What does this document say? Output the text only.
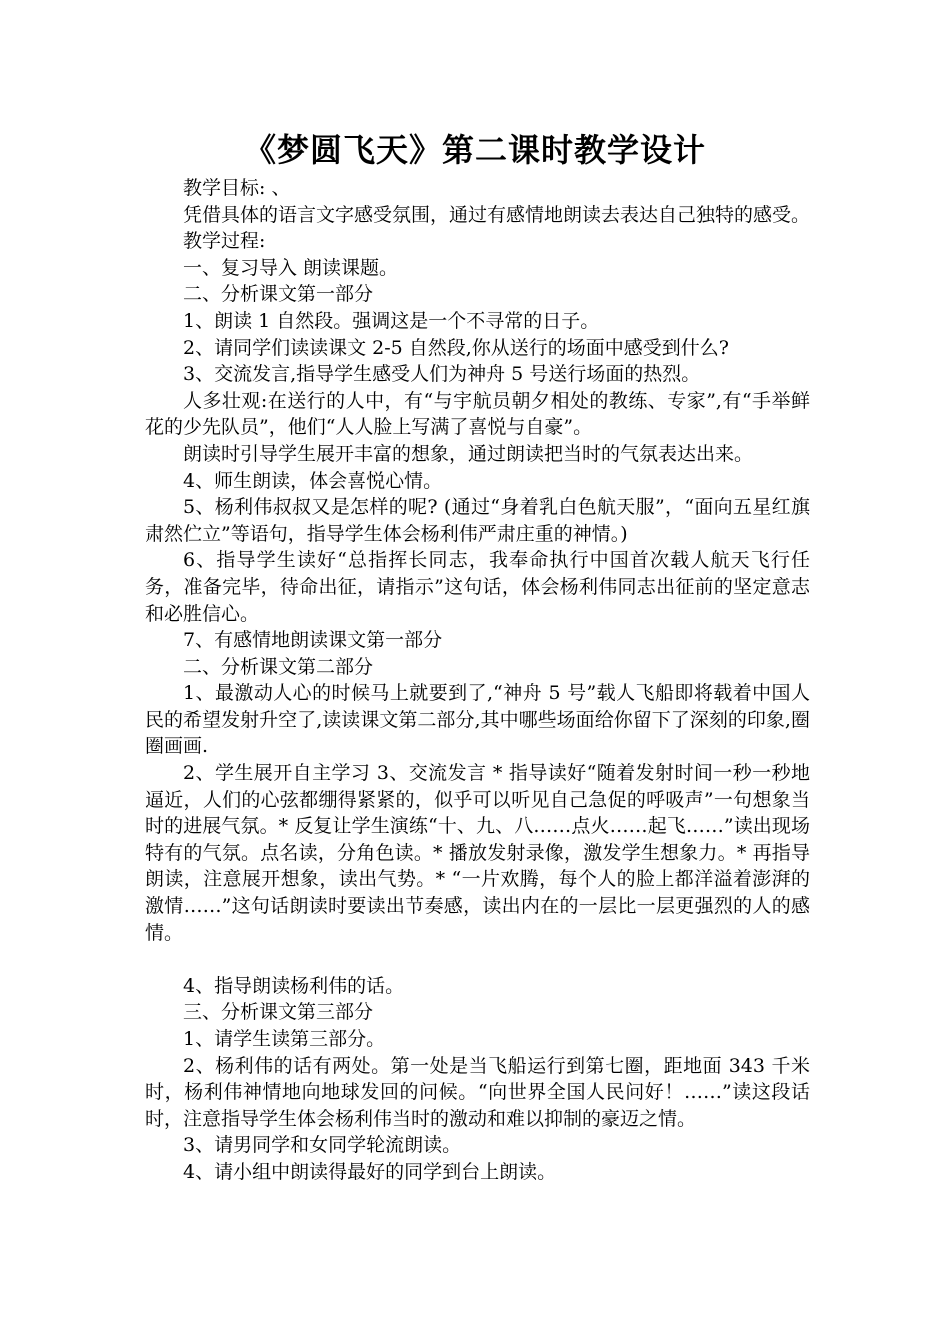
《梦圆飞天》第二课时教学设计

教学目标: 、

凭借具体的语言文字感受氛围，通过有感情地朗读去表达自己独特的感受。

教学过程:

一、复习导入 朗读课题。

二、分析课文第一部分

1、朗读 1 自然段。强调这是一个不寻常的日子。

2、请同学们读读课文 2-5 自然段,你从送行的场面中感受到什么?

3、交流发言,指导学生感受人们为神舟 5 号送行场面的热烈。

人多壮观:在送行的人中，有“与宇航员朝夕相处的教练、专家”,有“手举鲜花的少先队员”，他们“人人脸上写满了喜悦与自豪”。

朗读时引导学生展开丰富的想象，通过朗读把当时的气氛表达出来。

4、师生朗读，体会喜悦心情。

5、杨利伟叔叔又是怎样的呢? (通过“身着乳白色航天服”，“面向五星红旗肃然伫立”等语句，指导学生体会杨利伟严肃庄重的神情。)

6、指导学生读好“总指挥长同志，我奉命执行中国首次载人航天飞行任务，准备完毕，待命出征，请指示”这句话，体会杨利伟同志出征前的坚定意志和必胜信心。

7、有感情地朗读课文第一部分

二、分析课文第二部分

1、最激动人心的时候马上就要到了,“神舟 5 号”载人飞船即将载着中国人民的希望发射升空了,读读课文第二部分,其中哪些场面给你留下了深刻的印象,圈圈画画.

2、学生展开自主学习 3、交流发言 * 指导读好“随着发射时间一秒一秒地逼近，人们的心弦都绷得紧紧的，似乎可以听见自己急促的呼吸声”一句想象当时的进展气氛。* 反复让学生演练“十、九、八……点火……起飞……”读出现场特有的气氛。点名读，分角色读。* 播放发射录像，激发学生想象力。* 再指导朗读，注意展开想象，读出气势。* “一片欢腾，每个人的脸上都洋溢着澎湃的激情……”这句话朗读时要读出节奏感，读出内在的一层比一层更强烈的人的感情。

4、指导朗读杨利伟的话。

三、分析课文第三部分

1、请学生读第三部分。

2、杨利伟的话有两处。第一处是当飞船运行到第七圈，距地面 343 千米时，杨利伟神情地向地球发回的问候。“向世界全国人民问好！……”读这段话时，注意指导学生体会杨利伟当时的激动和难以抑制的豪迈之情。

3、请男同学和女同学轮流朗读。

4、请小组中朗读得最好的同学到台上朗读。
